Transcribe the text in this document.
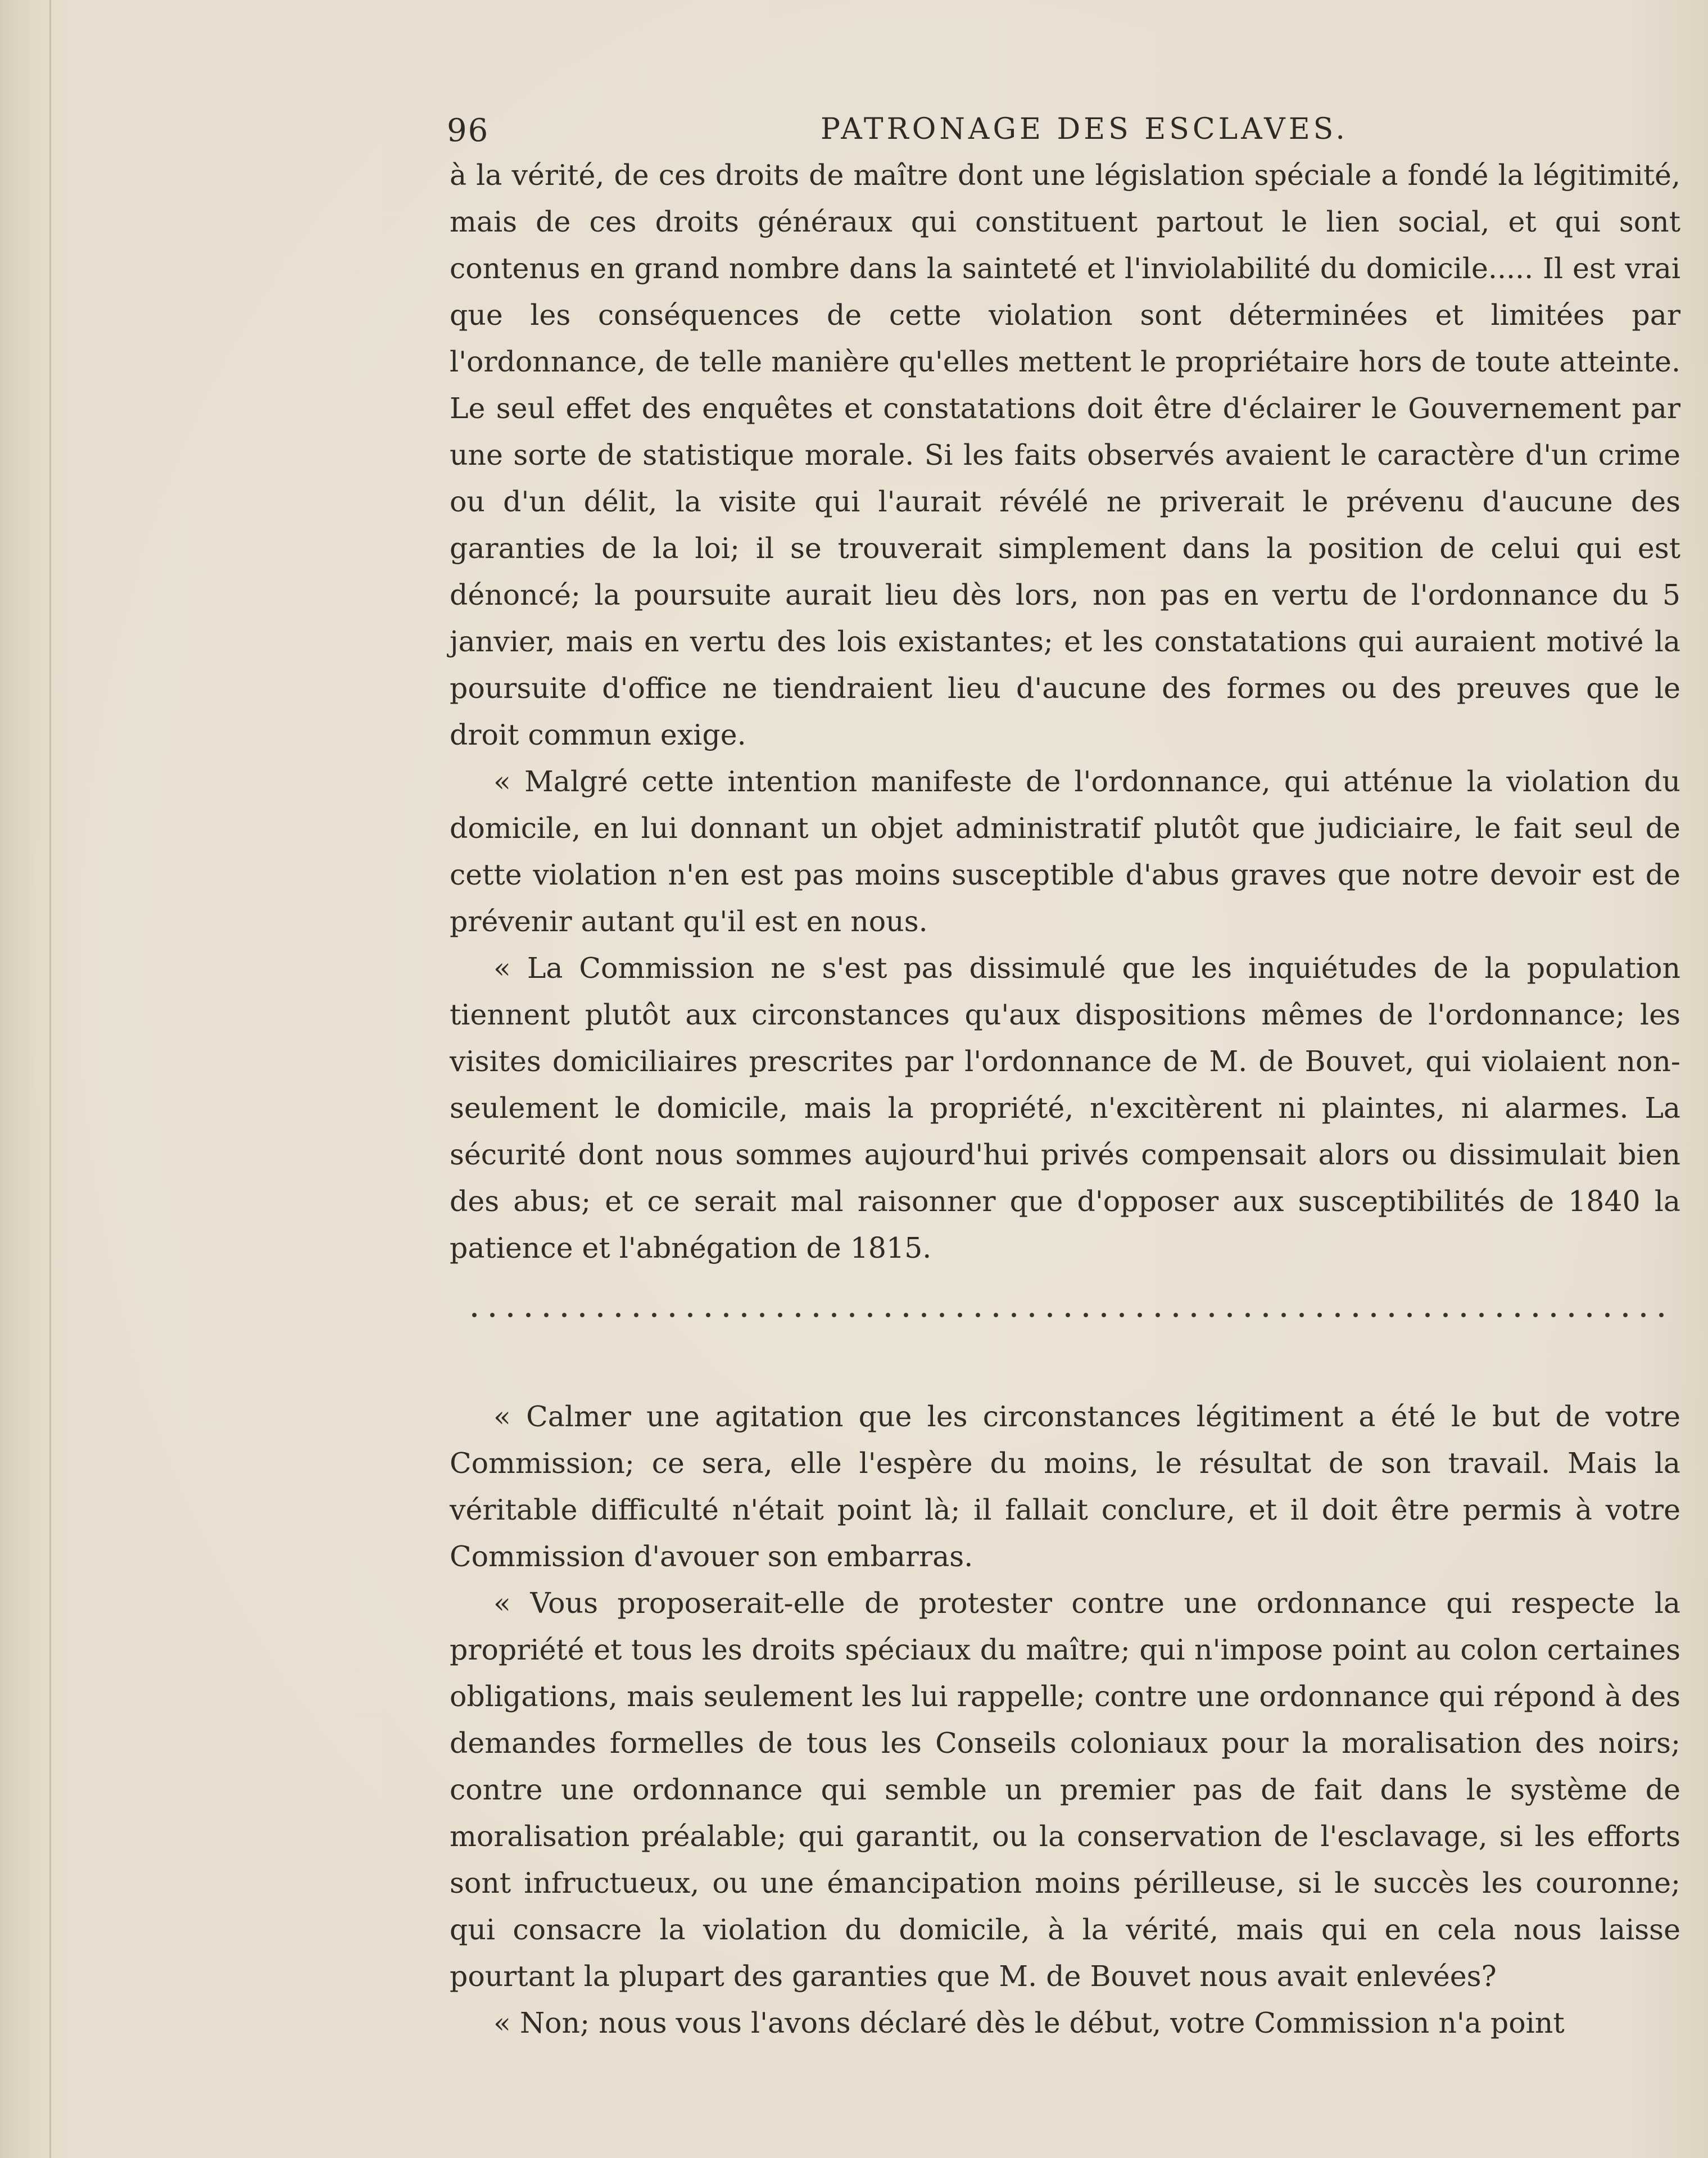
96	PATRONAGE DES ESCLAVES.

à la vérité, de ces droits de maître dont une législation spéciale a fondé la légitimité, mais de ces droits généraux qui constituent partout le lien social, et qui sont contenus en grand nombre dans la sainteté et l'inviolabilité du domicile..... Il est vrai que les conséquences de cette violation sont déterminées et limitées par l'ordonnance, de telle manière qu'elles mettent le propriétaire hors de toute atteinte. Le seul effet des enquêtes et constatations doit être d'éclairer le Gouvernement par une sorte de statistique morale. Si les faits observés avaient le caractère d'un crime ou d'un délit, la visite qui l'aurait révélé ne priverait le prévenu d'aucune des garanties de la loi; il se trouverait simplement dans la position de celui qui est dénoncé; la poursuite aurait lieu dès lors, non pas en vertu de l'ordonnance du 5 janvier, mais en vertu des lois existantes; et les constatations qui auraient motivé la poursuite d'office ne tiendraient lieu d'aucune des formes ou des preuves que le droit commun exige.

« Malgré cette intention manifeste de l'ordonnance, qui atténue la violation du domicile, en lui donnant un objet administratif plutôt que judiciaire, le fait seul de cette violation n'en est pas moins susceptible d'abus graves que notre devoir est de prévenir autant qu'il est en nous.

« La Commission ne s'est pas dissimulé que les inquiétudes de la population tiennent plutôt aux circonstances qu'aux dispositions mêmes de l'ordonnance; les visites domiciliaires prescrites par l'ordonnance de M. de Bouvet, qui violaient non-seulement le domicile, mais la propriété, n'excitèrent ni plaintes, ni alarmes. La sécurité dont nous sommes aujourd'hui privés compensait alors ou dissimulait bien des abus; et ce serait mal raisonner que d'opposer aux susceptibilités de 1840 la patience et l'abnégation de 1815.

« Calmer une agitation que les circonstances légitiment a été le but de votre Commission; ce sera, elle l'espère du moins, le résultat de son travail. Mais la véritable difficulté n'était point là; il fallait conclure, et il doit être permis à votre Commission d'avouer son embarras.

« Vous proposerait-elle de protester contre une ordonnance qui respecte la propriété et tous les droits spéciaux du maître; qui n'impose point au colon certaines obligations, mais seulement les lui rappelle; contre une ordonnance qui répond à des demandes formelles de tous les Conseils coloniaux pour la moralisation des noirs; contre une ordonnance qui semble un premier pas de fait dans le système de moralisation préalable; qui garantit, ou la conservation de l'esclavage, si les efforts sont infructueux, ou une émancipation moins périlleuse, si le succès les couronne; qui consacre la violation du domicile, à la vérité, mais qui en cela nous laisse pourtant la plupart des garanties que M. de Bouvet nous avait enlevées?

« Non; nous vous l'avons déclaré dès le début, votre Commission n'a point
